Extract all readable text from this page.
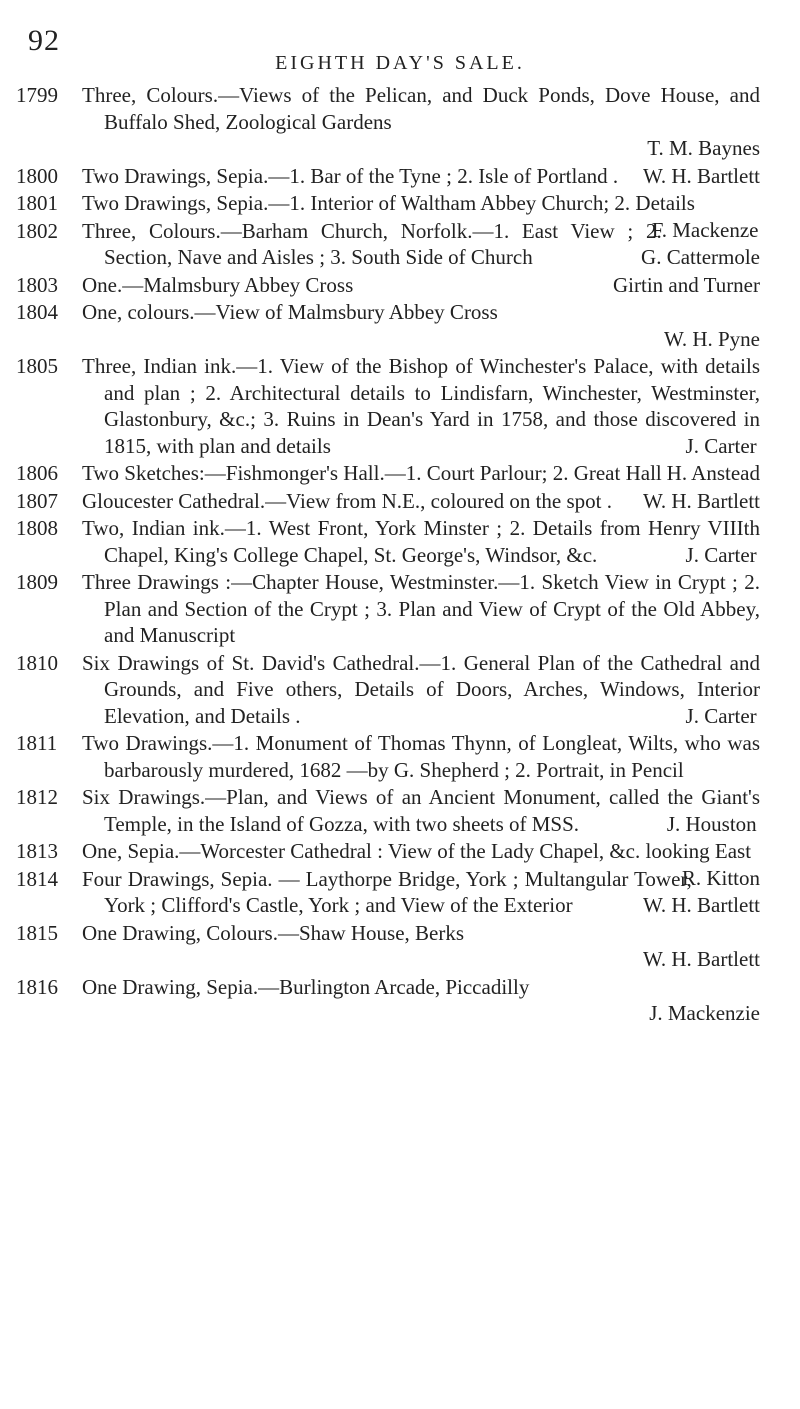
92
EIGHTH DAY'S SALE.
1799	Three, Colours.—Views of the Pelican, and Duck Ponds, Dove House, and Buffalo Shed, Zoological Gardens
T. M. Baynes
1800	Two Drawings, Sepia.—1. Bar of the Tyne ; 2. Isle of Portland . W. H. Bartlett
1801	Two Drawings, Sepia.—1. Interior of Waltham Abbey Church; 2. Details
F. Mackenze
1802	Three, Colours.—Barham Church, Norfolk.—1. East View ; 2. Section, Nave and Aisles ; 3. South Side of Church	G. Cattermole
1803	One.—Malmsbury Abbey Cross	Girtin and Turner
1804	One, colours.—View of Malmsbury Abbey Cross
W. H. Pyne
1805	Three, Indian ink.—1. View of the Bishop of Winchester's Palace, with details and plan ; 2. Architectural details to Lindisfarn, Winchester, Westminster, Glastonbury, &c.; 3. Ruins in Dean's Yard in 1758, and those discovered in 1815, with plan and details	J. Carter
1806	Two Sketches:—Fishmonger's Hall.—1. Court Parlour; 2. Great Hall H. Anstead
1807	Gloucester Cathedral.—View from N.E., coloured on the spot . W. H. Bartlett
1808	Two, Indian ink.—1. West Front, York Minster ; 2. Details from Henry VIIIth Chapel, King's College Chapel, St. George's, Windsor, &c.	J. Carter
1809	Three Drawings :—Chapter House, Westminster.—1. Sketch View in Crypt ; 2. Plan and Section of the Crypt ; 3. Plan and View of Crypt of the Old Abbey, and Manuscript
1810	Six Drawings of St. David's Cathedral.—1. General Plan of the Cathedral and Grounds, and Five others, Details of Doors, Arches, Windows, Interior Elevation, and Details .	J. Carter
1811	Two Drawings.—1. Monument of Thomas Thynn, of Longleat, Wilts, who was barbarously murdered, 1682 —by G. Shepherd ; 2. Portrait, in Pencil
1812	Six Drawings.—Plan, and Views of an Ancient Monument, called the Giant's Temple, in the Island of Gozza, with two sheets of MSS.	J. Houston
1813	One, Sepia.—Worcester Cathedral : View of the Lady Chapel, &c. looking East
R. Kitton
1814	Four Drawings, Sepia. — Laythorpe Bridge, York ; Multangular Tower, York ; Clifford's Castle, York ; and View of the Exterior	W. H. Bartlett
1815	One Drawing, Colours.—Shaw House, Berks
W. H. Bartlett
1816	One Drawing, Sepia.—Burlington Arcade, Piccadilly
J. Mackenzie
